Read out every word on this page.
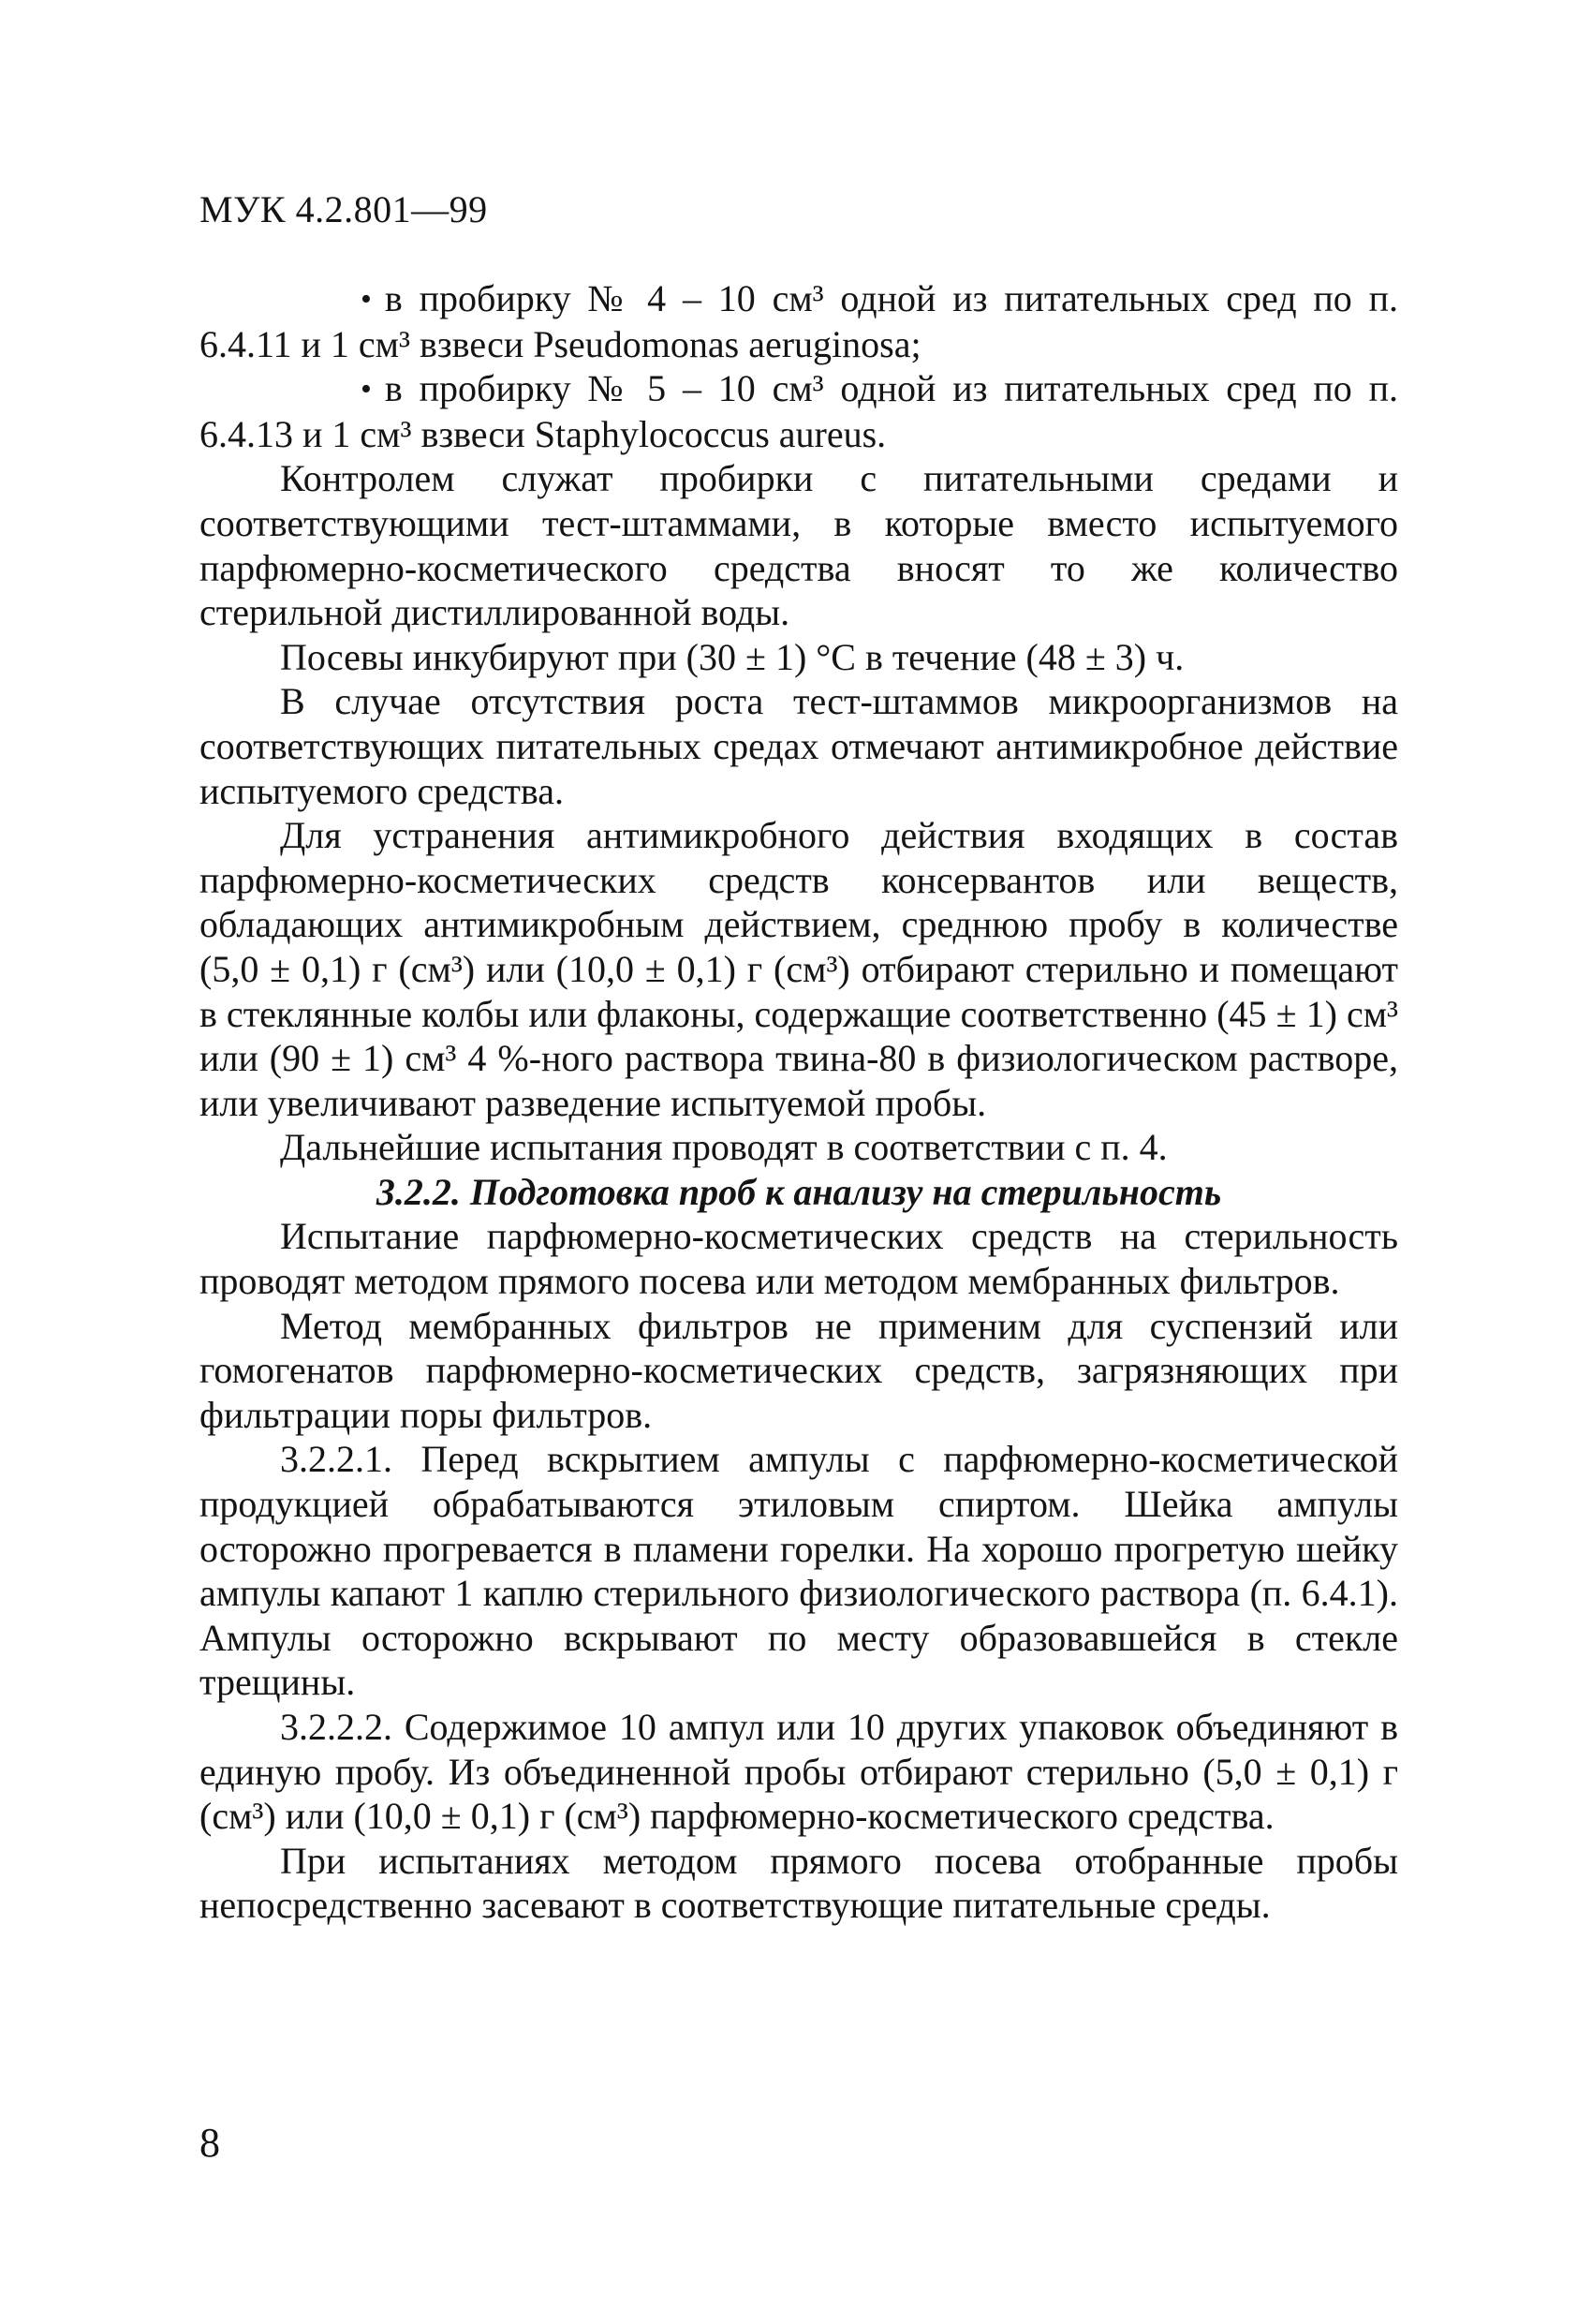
МУК 4.2.801—99

• в пробирку № 4 – 10 см³ одной из питательных сред по п. 6.4.11 и 1 см³ взвеси Pseudomonas aeruginosa;

• в пробирку № 5 – 10 см³ одной из питательных сред по п. 6.4.13 и 1 см³ взвеси Staphylococcus aureus.

Контролем служат пробирки с питательными средами и соответствующими тест-штаммами, в которые вместо испытуемого парфюмерно-косметического средства вносят то же количество стерильной дистиллированной воды.

Посевы инкубируют при (30 ± 1) °С в течение (48 ± 3) ч.

В случае отсутствия роста тест-штаммов микроорганизмов на соответствующих питательных средах отмечают антимикробное действие испытуемого средства.

Для устранения антимикробного действия входящих в состав парфюмерно-косметических средств консервантов или веществ, обладающих антимикробным действием, среднюю пробу в количестве (5,0 ± 0,1) г (см³) или (10,0 ± 0,1) г (см³) отбирают стерильно и помещают в стеклянные колбы или флаконы, содержащие соответственно (45 ± 1) см³ или (90 ± 1) см³ 4 %-ного раствора твина-80 в физиологическом растворе, или увеличивают разведение испытуемой пробы.

Дальнейшие испытания проводят в соответствии с п. 4.

3.2.2. Подготовка проб к анализу на стерильность

Испытание парфюмерно-косметических средств на стерильность проводят методом прямого посева или методом мембранных фильтров.

Метод мембранных фильтров не применим для суспензий или гомогенатов парфюмерно-косметических средств, загрязняющих при фильтрации поры фильтров.

3.2.2.1. Перед вскрытием ампулы с парфюмерно-косметической продукцией обрабатываются этиловым спиртом. Шейка ампулы осторожно прогревается в пламени горелки. На хорошо прогретую шейку ампулы капают 1 каплю стерильного физиологического раствора (п. 6.4.1). Ампулы осторожно вскрывают по месту образовавшейся в стекле трещины.

3.2.2.2. Содержимое 10 ампул или 10 других упаковок объединяют в единую пробу. Из объединенной пробы отбирают стерильно (5,0 ± 0,1) г (см³) или (10,0 ± 0,1) г (см³) парфюмерно-косметического средства.

При испытаниях методом прямого посева отобранные пробы непосредственно засевают в соответствующие питательные среды.

8
